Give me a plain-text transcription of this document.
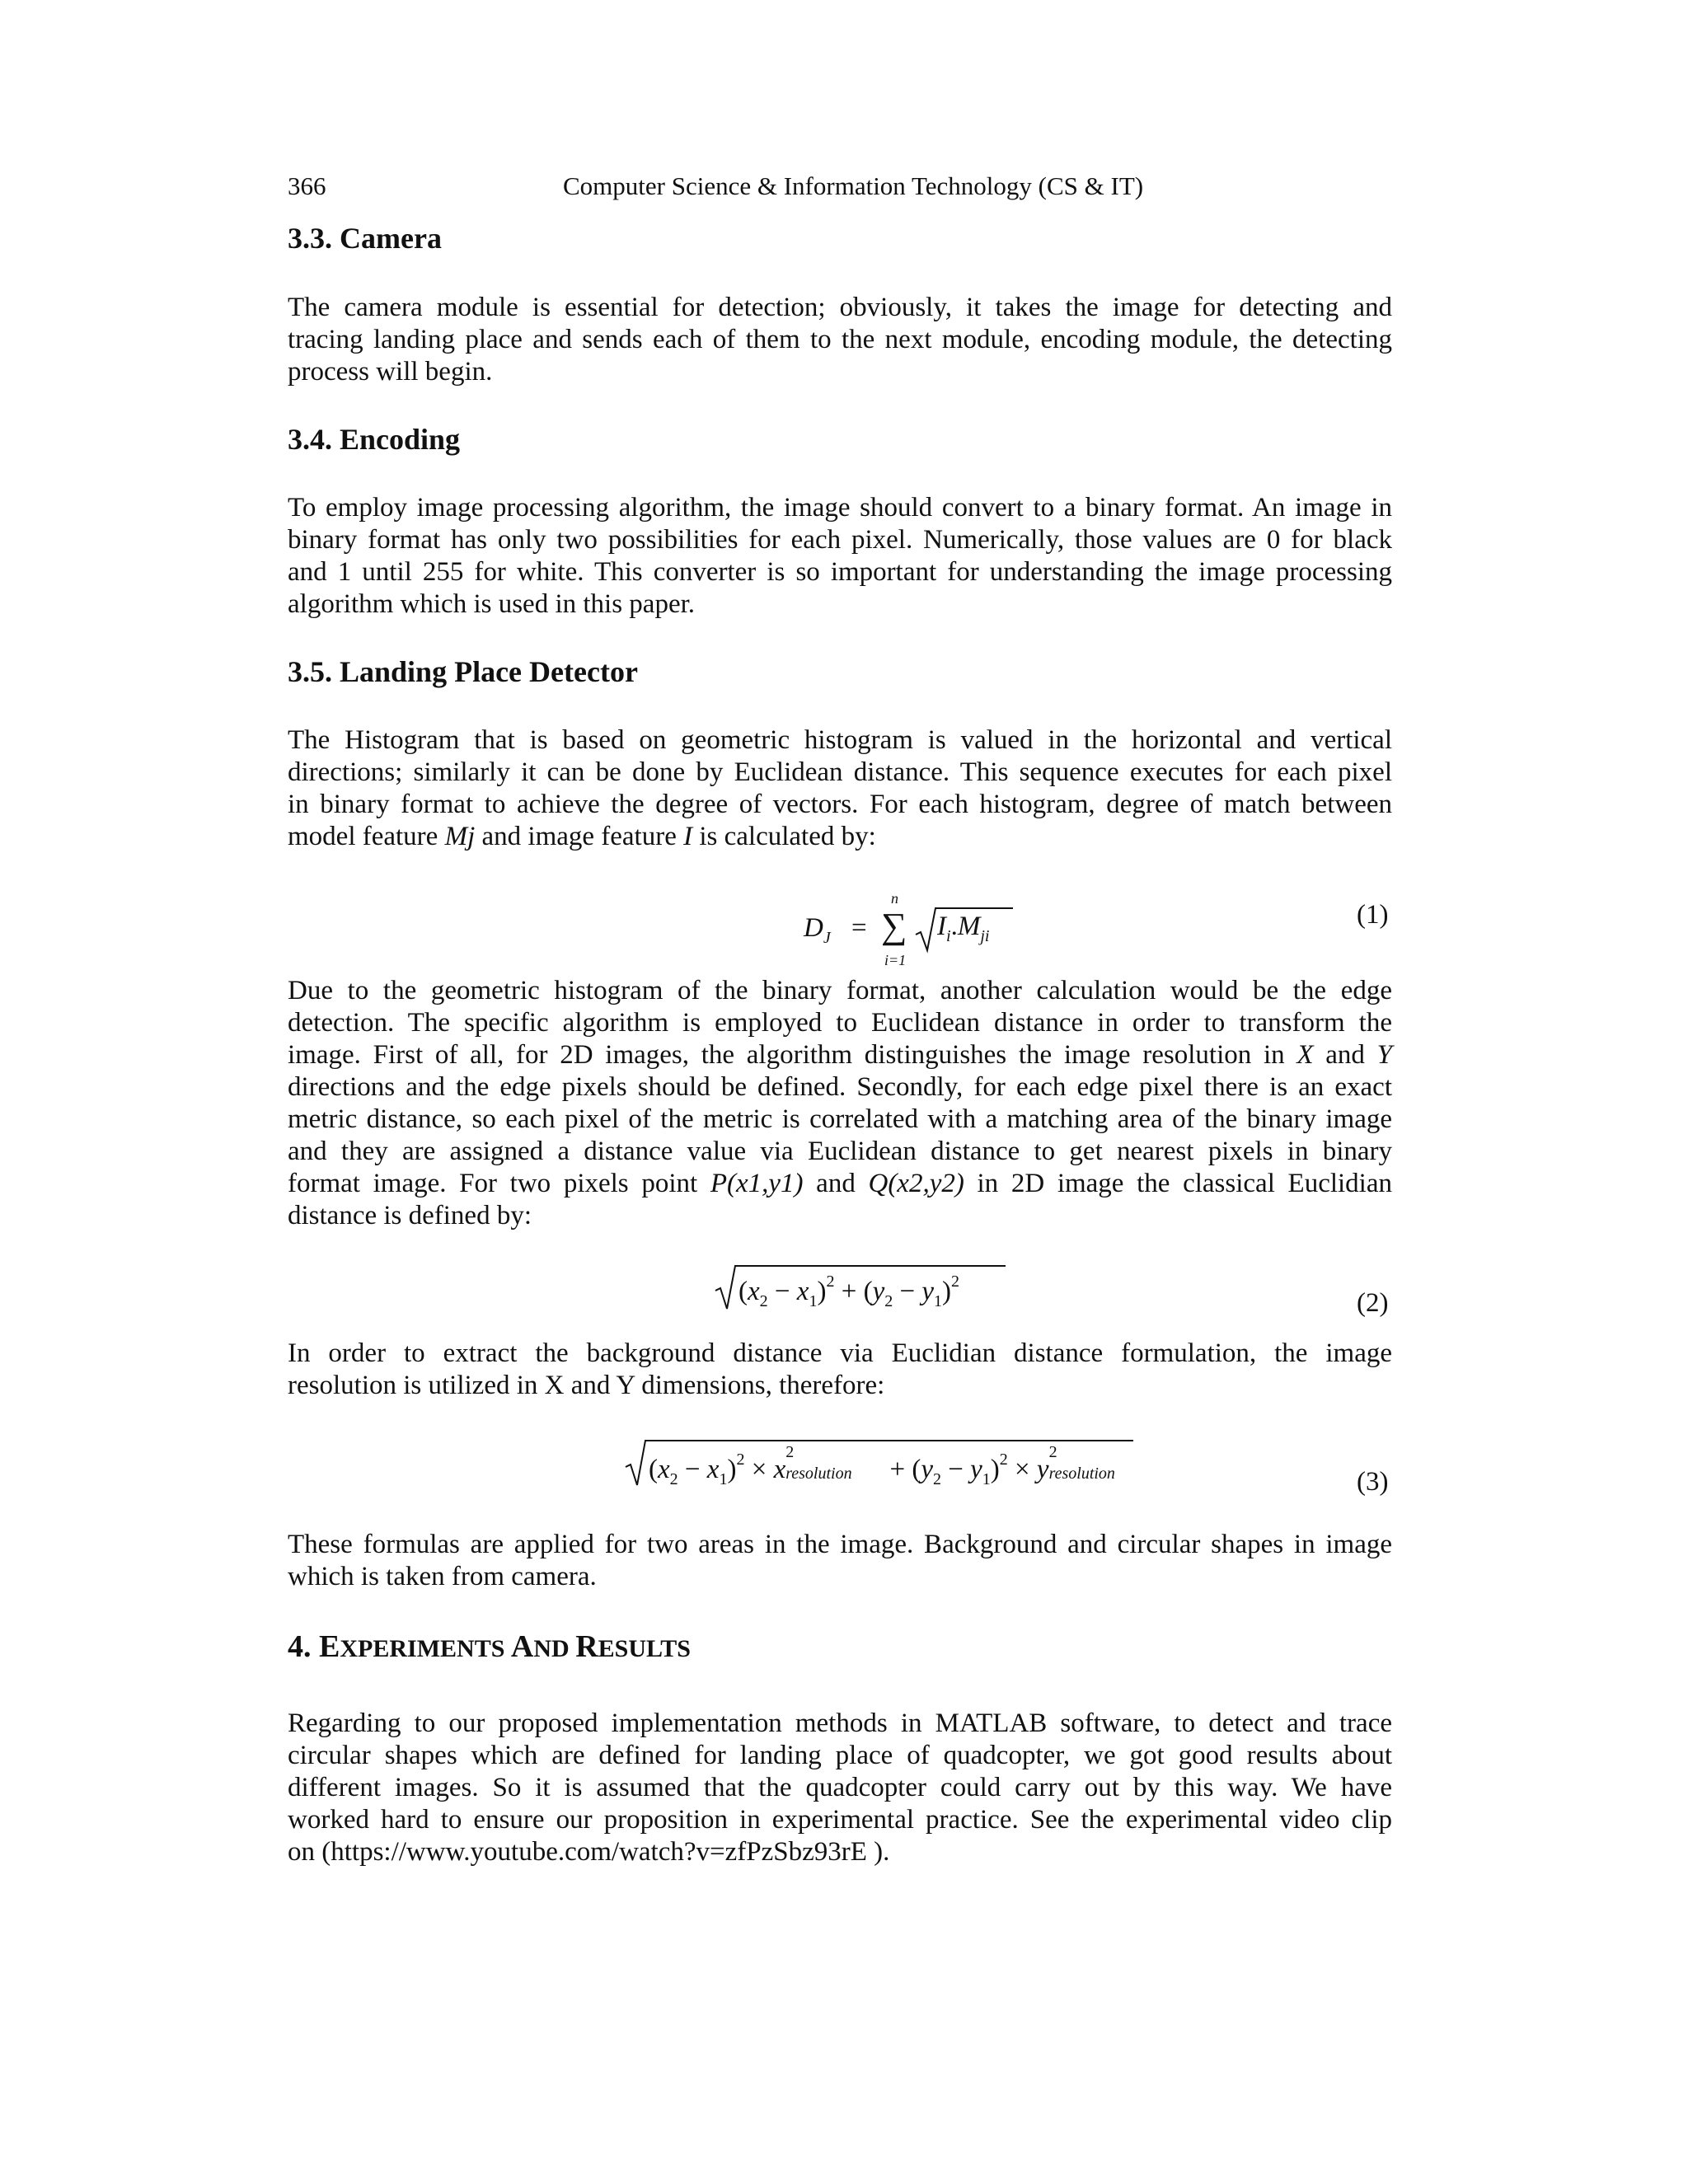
366	Computer Science & Information Technology (CS & IT)
3.3. Camera
The camera module is essential for detection; obviously, it takes the image for detecting and
tracing landing place and sends each of them to the next module, encoding module, the detecting
process will begin.
3.4. Encoding
To employ image processing algorithm, the image should convert to a binary format. An image in
binary format has only two possibilities for each pixel. Numerically, those values are 0 for black
and 1 until 255 for white. This converter is so important for understanding the image processing
algorithm which is used in this paper.
3.5. Landing Place Detector
The Histogram that is based on geometric histogram is valued in the horizontal and vertical
directions; similarly it can be done by Euclidean distance. This sequence executes for each pixel
in binary format to achieve the degree of vectors. For each histogram, degree of match between
model feature Mj and image feature I is calculated by:
$D_J$ =
n
∑
i=1
$I_i.M_{ji}$
(1)
Due to the geometric histogram of the binary format, another calculation would be the edge
detection. The specific algorithm is employed to Euclidean distance in order to transform the
image. First of all, for 2D images, the algorithm distinguishes the image resolution in X and Y
directions and the edge pixels should be defined. Secondly, for each edge pixel there is an exact
metric distance, so each pixel of the metric is correlated with a matching area of the binary image
and they are assigned a distance value via Euclidean distance to get nearest pixels in binary
format image. For two pixels point P(x1,y1) and Q(x2,y2) in 2D image the classical Euclidian
distance is defined by:
$(x_2 - x_1)^2 + (y_2 - y_1)^2$
(2)
In order to extract the background distance via Euclidian distance formulation, the image
resolution is utilized in X and Y dimensions, therefore:
$(x_2 - x_1)^2 \times x$
2
resolution + $(y_2 - y_1)^2 \times y$
2
resolution	(3)
These formulas are applied for two areas in the image. Background and circular shapes in image
which is taken from camera.
4. EXPERIMENTS AND RESULTS
Regarding to our proposed implementation methods in MATLAB software, to detect and trace
circular shapes which are defined for landing place of quadcopter, we got good results about
different images. So it is assumed that the quadcopter could carry out by this way. We have
worked hard to ensure our proposition in experimental practice. See the experimental video clip
on (https://www.youtube.com/watch?v=zfPzSbz93rE ).
